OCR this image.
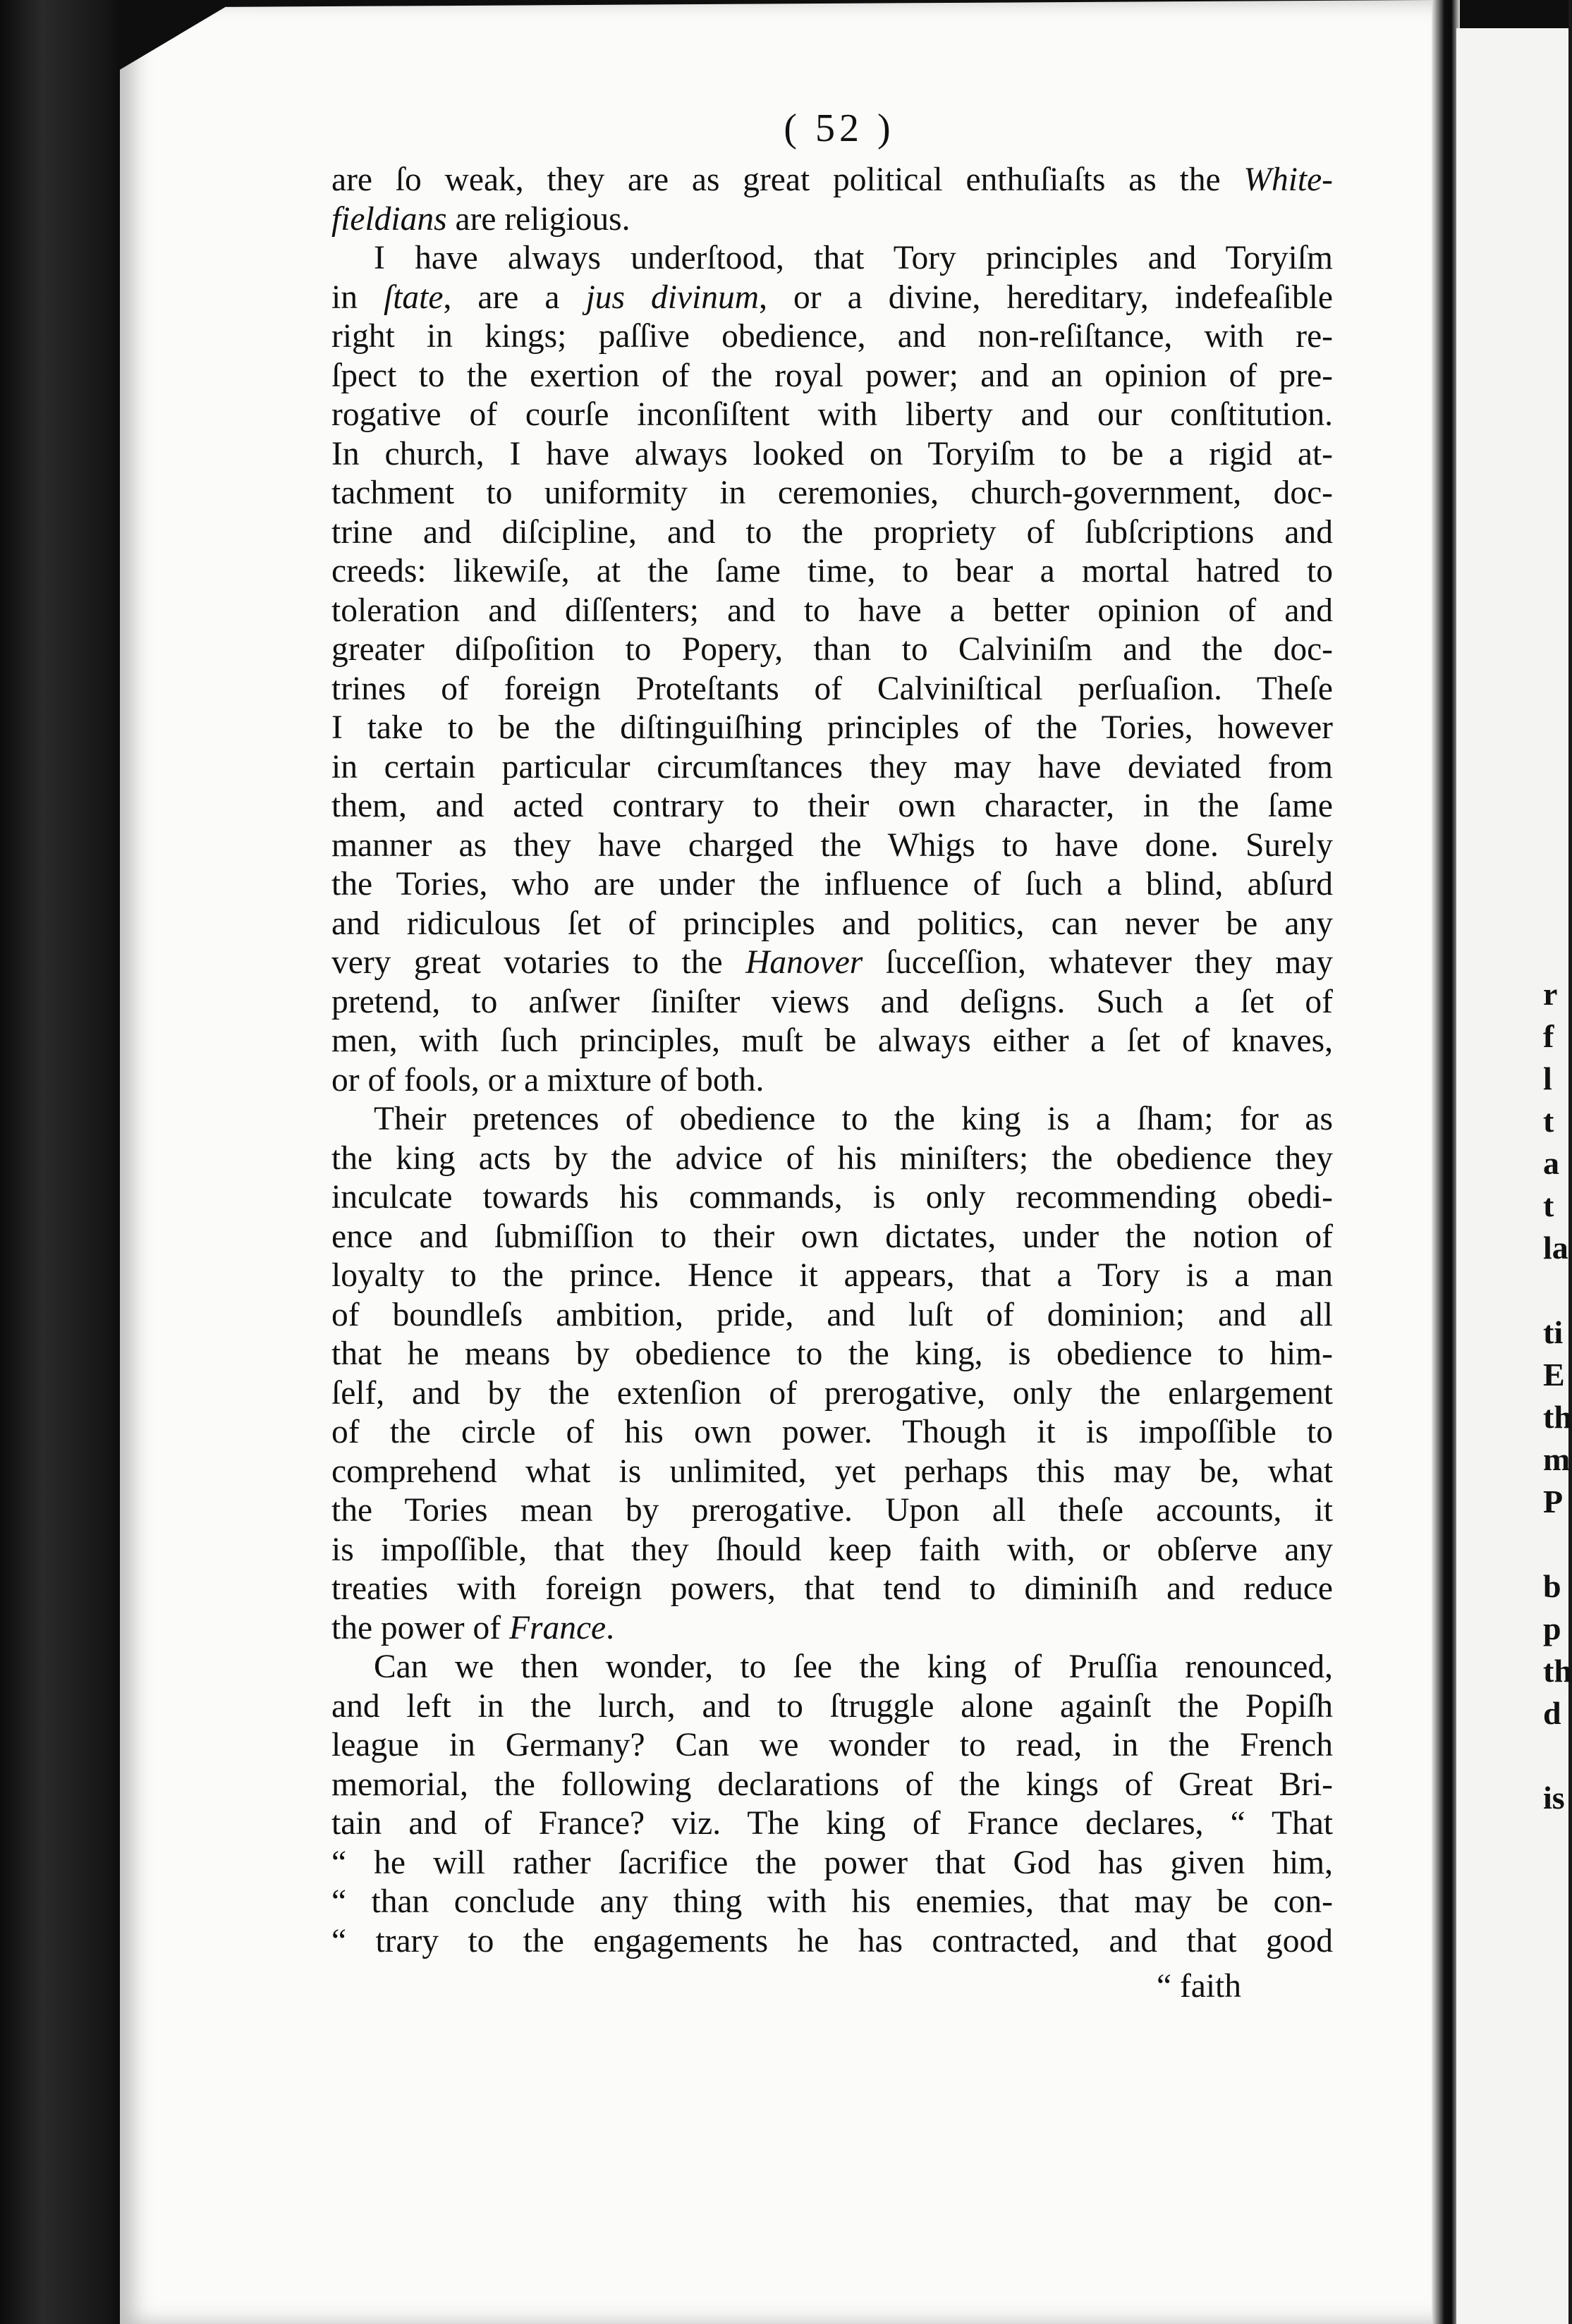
( 52 )
are ſo weak, they are as great political enthuſiaſts as the White-
fieldians are religious.
I have always underſtood, that Tory principles and Toryiſm
in ſtate, are a jus divinum, or a divine, hereditary, indefeaſible
right in kings; paſſive obedience, and non-reſiſtance, with re-
ſpect to the exertion of the royal power; and an opinion of pre-
rogative of courſe inconſiſtent with liberty and our conſtitution.
In church, I have always looked on Toryiſm to be a rigid at-
tachment to uniformity in ceremonies, church-government, doc-
trine and diſcipline, and to the propriety of ſubſcriptions and
creeds: likewiſe, at the ſame time, to bear a mortal hatred to
toleration and diſſenters; and to have a better opinion of and
greater diſpoſition to Popery, than to Calviniſm and the doc-
trines of foreign Proteſtants of Calviniſtical perſuaſion. Theſe
I take to be the diſtinguiſhing principles of the Tories, however
in certain particular circumſtances they may have deviated from
them, and acted contrary to their own character, in the ſame
manner as they have charged the Whigs to have done. Surely
the Tories, who are under the influence of ſuch a blind, abſurd
and ridiculous ſet of principles and politics, can never be any
very great votaries to the Hanover ſucceſſion, whatever they may
pretend, to anſwer ſiniſter views and deſigns. Such a ſet of
men, with ſuch principles, muſt be always either a ſet of knaves,
or of fools, or a mixture of both.
Their pretences of obedience to the king is a ſham; for as
the king acts by the advice of his miniſters; the obedience they
inculcate towards his commands, is only recommending obedi-
ence and ſubmiſſion to their own dictates, under the notion of
loyalty to the prince. Hence it appears, that a Tory is a man
of boundleſs ambition, pride, and luſt of dominion; and all
that he means by obedience to the king, is obedience to him-
ſelf, and by the extenſion of prerogative, only the enlargement
of the circle of his own power. Though it is impoſſible to
comprehend what is unlimited, yet perhaps this may be, what
the Tories mean by prerogative. Upon all theſe accounts, it
is impoſſible, that they ſhould keep faith with, or obſerve any
treaties with foreign powers, that tend to diminiſh and reduce
the power of France.
Can we then wonder, to ſee the king of Pruſſia renounced,
and left in the lurch, and to ſtruggle alone againſt the Popiſh
league in Germany? Can we wonder to read, in the French
memorial, the following declarations of the kings of Great Bri-
tain and of France? viz. The king of France declares, “ That
“ he will rather ſacrifice the power that God has given him,
“ than conclude any thing with his enemies, that may be con-
“ trary to the engagements he has contracted, and that good
“ faith
r
f
l
t
a
t
la
ti
E
th
m
P
b
p
th
d
is
